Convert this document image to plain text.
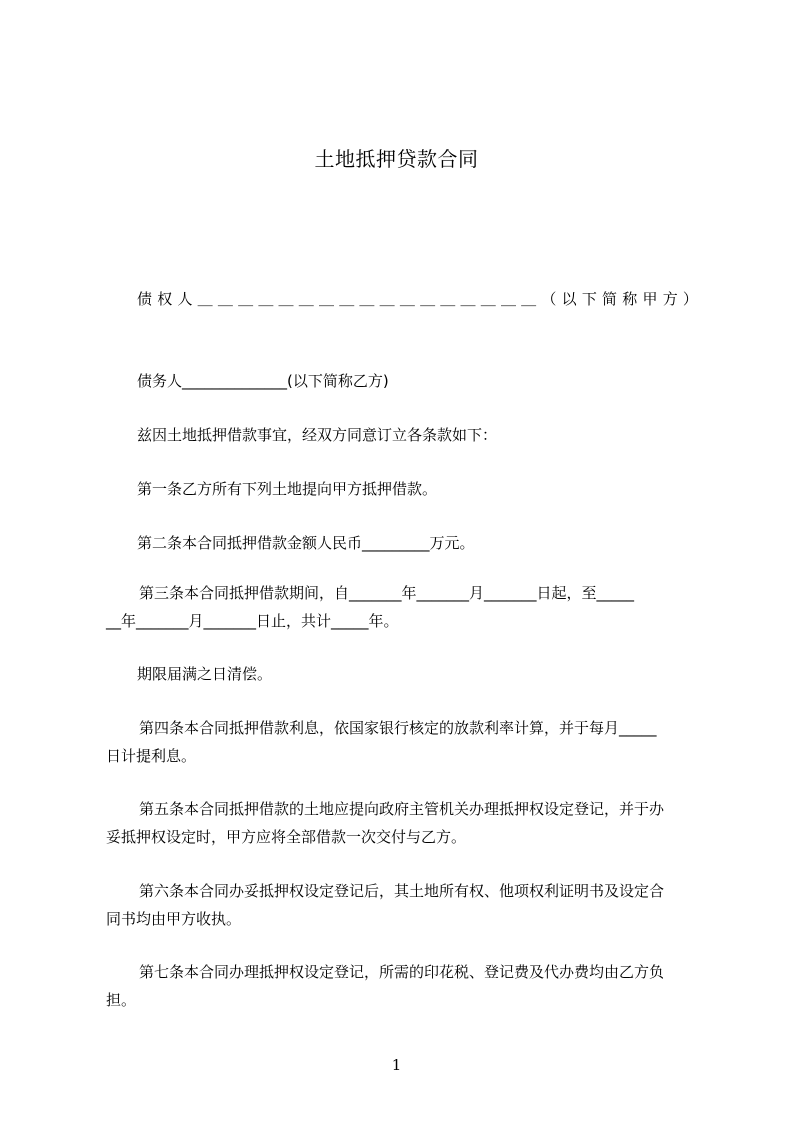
土地抵押贷款合同
债 权 人 ＿ ＿ ＿ ＿ ＿ ＿ ＿ ＿ ＿ ＿ ＿ ＿ ＿ ＿ ＿ ＿ ＿ （ 以 下 简 称 甲 方 ）
债务人______________(以下简称乙方)
兹因土地抵押借款事宜，经双方同意订立各条款如下：
第一条乙方所有下列土地提向甲方抵押借款。
第二条本合同抵押借款金额人民币_________万元。
第三条本合同抵押借款期间，自_______年_______月_______日起，至_____
__年_______月_______日止，共计_____年。
期限届满之日清偿。
第四条本合同抵押借款利息，依国家银行核定的放款利率计算，并于每月_____
日计提利息。
第五条本合同抵押借款的土地应提向政府主管机关办理抵押权设定登记，并于办
妥抵押权设定时，甲方应将全部借款一次交付与乙方。
第六条本合同办妥抵押权设定登记后，其土地所有权、他项权利证明书及设定合
同书均由甲方收执。
第七条本合同办理抵押权设定登记，所需的印花税、登记费及代办费均由乙方负
担。
1
